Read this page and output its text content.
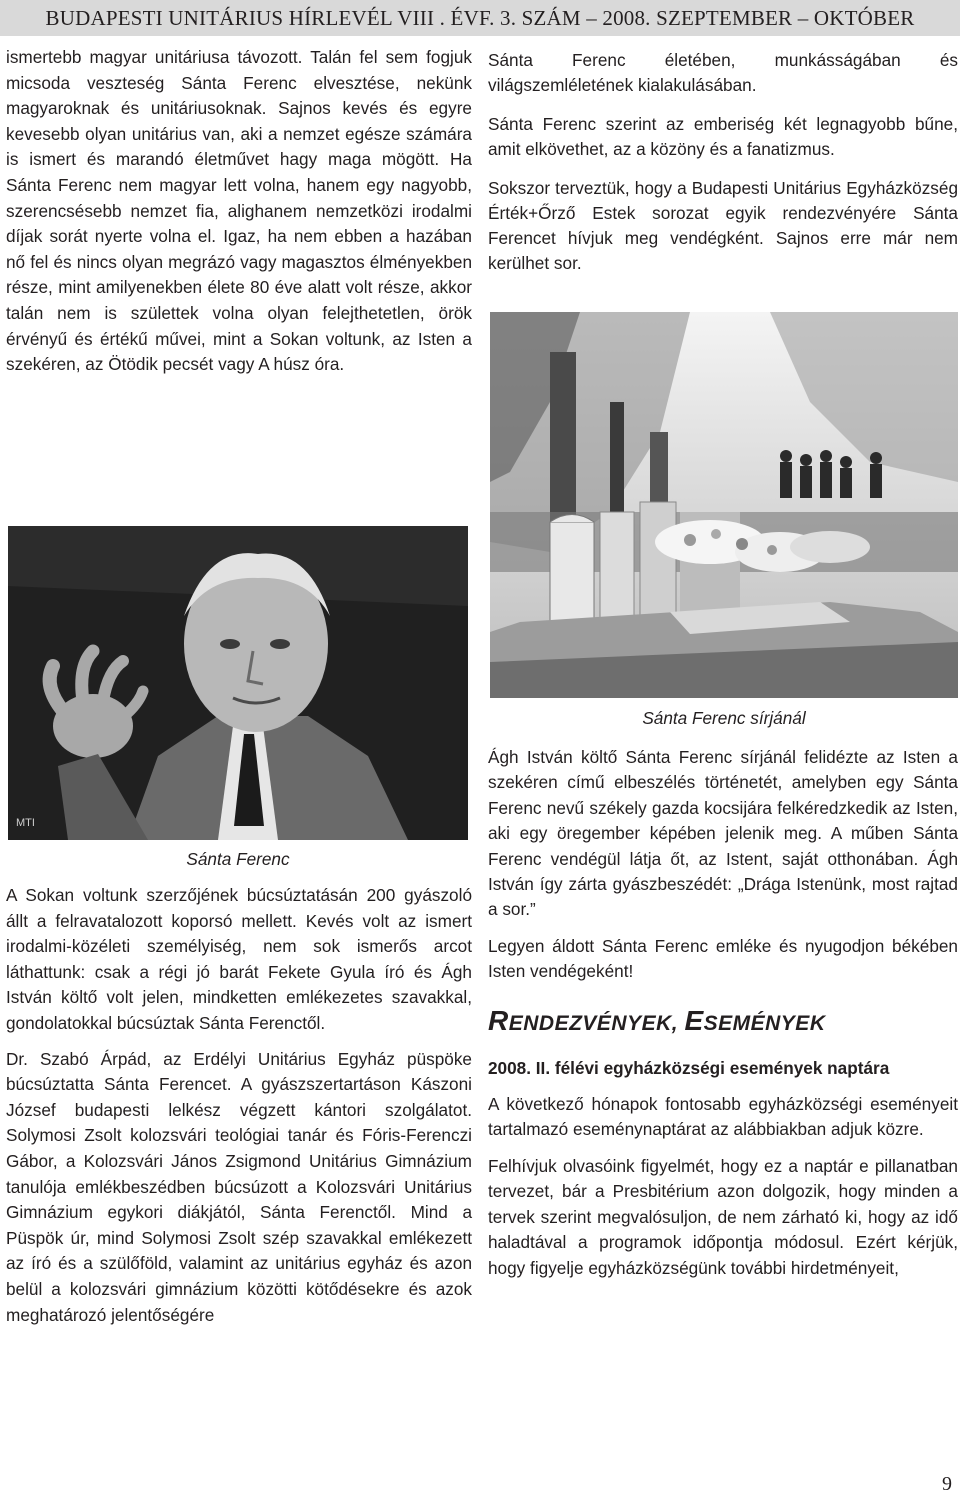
BUDAPESTI UNITÁRIUS HÍRLEVÉL VIII . ÉVF. 3. SZÁM – 2008. SZEPTEMBER – OKTÓBER

ismertebb magyar unitáriusa távozott. Talán fel sem fogjuk micsoda veszteség Sánta Ferenc elvesztése, nekünk magyaroknak és unitáriusoknak. Sajnos kevés és egyre kevesebb olyan unitárius van, aki a nemzet egésze számára is ismert és marandó életművet hagy maga mögött. Ha Sánta Ferenc nem magyar lett volna, hanem egy nagyobb, szerencsésebb nemzet fia, alighanem nemzetközi irodalmi díjak sorát nyerte volna el. Igaz, ha nem ebben a hazában nő fel és nincs olyan megrázó vagy magasztos élményekben része, mint amilyenekben élete 80 éve alatt volt része, akkor talán nem is születtek volna olyan felejthetetlen, örök érvényű és értékű művei, mint a Sokan voltunk, az Isten a szekéren, az Ötödik pecsét vagy A húsz óra.

Sánta Ferenc életében, munkásságában és világszemléletének kialakulásában.

Sánta Ferenc szerint az emberiség két legnagyobb bűne, amit elkövethet, az a közöny és a fanatizmus.

Sokszor terveztük, hogy a Budapesti Unitárius Egyházközség Érték+Őrző Estek sorozat egyik rendezvényére Sánta Ferencet hívjuk meg vendégként. Sajnos erre már nem kerülhet sor.

Sánta Ferenc sírjánál
MTI
Sánta Ferenc

A Sokan voltunk szerzőjének búcsúztatásán 200 gyászoló állt a felravatalozott koporsó mellett. Kevés volt az ismert irodalmi-közéleti személyiség, nem sok ismerős arcot láthattunk: csak a régi jó barát Fekete Gyula író és Ágh István költő volt jelen, mindketten emlékezetes szavakkal, gondolatokkal búcsúztak Sánta Ferenctől.

Dr. Szabó Árpád, az Erdélyi Unitárius Egyház püspöke búcsúztatta Sánta Ferencet. A gyászszertartáson Kászoni József budapesti lelkész végzett kántori szolgálatot. Solymosi Zsolt kolozsvári teológiai tanár és Fóris-Ferenczi Gábor, a Kolozsvári János Zsigmond Unitárius Gimnázium tanulója emlékbeszédben búcsúzott a Kolozsvári Unitárius Gimnázium egykori diákjától, Sánta Ferenctől. Mind a Püspök úr, mind Solymosi Zsolt szép szavakkal emlékezett az író és a szülőföld, valamint az unitárius egyház és azon belül a kolozsvári gimnázium közötti kötődésekre és azok meghatározó jelentőségére

Ágh István költő Sánta Ferenc sírjánál felidézte az Isten a szekéren című elbeszélés történetét, amelyben egy Sánta Ferenc nevű székely gazda kocsijára felkéredzkedik az Isten, aki egy öregember képében jelenik meg. A műben Sánta Ferenc vendégül látja őt, az Istent, saját otthonában. Ágh István így zárta gyászbeszédét: „Drága Istenünk, most rajtad a sor.”

Legyen áldott Sánta Ferenc emléke és nyugodjon békében Isten vendégeként!

RENDEZVÉNYEK, ESEMÉNYEK

2008. II. félévi egyházközségi események naptára

A következő hónapok fontosabb egyházközségi eseményeit tartalmazó eseménynaptárat az alábbiakban adjuk közre.

Felhívjuk olvasóink figyelmét, hogy ez a naptár e pillanatban tervezet, bár a Presbitérium azon dolgozik, hogy minden a tervek szerint megvalósuljon, de nem zárható ki, hogy az idő haladtával a programok időpontja módosul. Ezért kérjük, hogy figyelje egyházközségünk további hirdetményeit,

9
